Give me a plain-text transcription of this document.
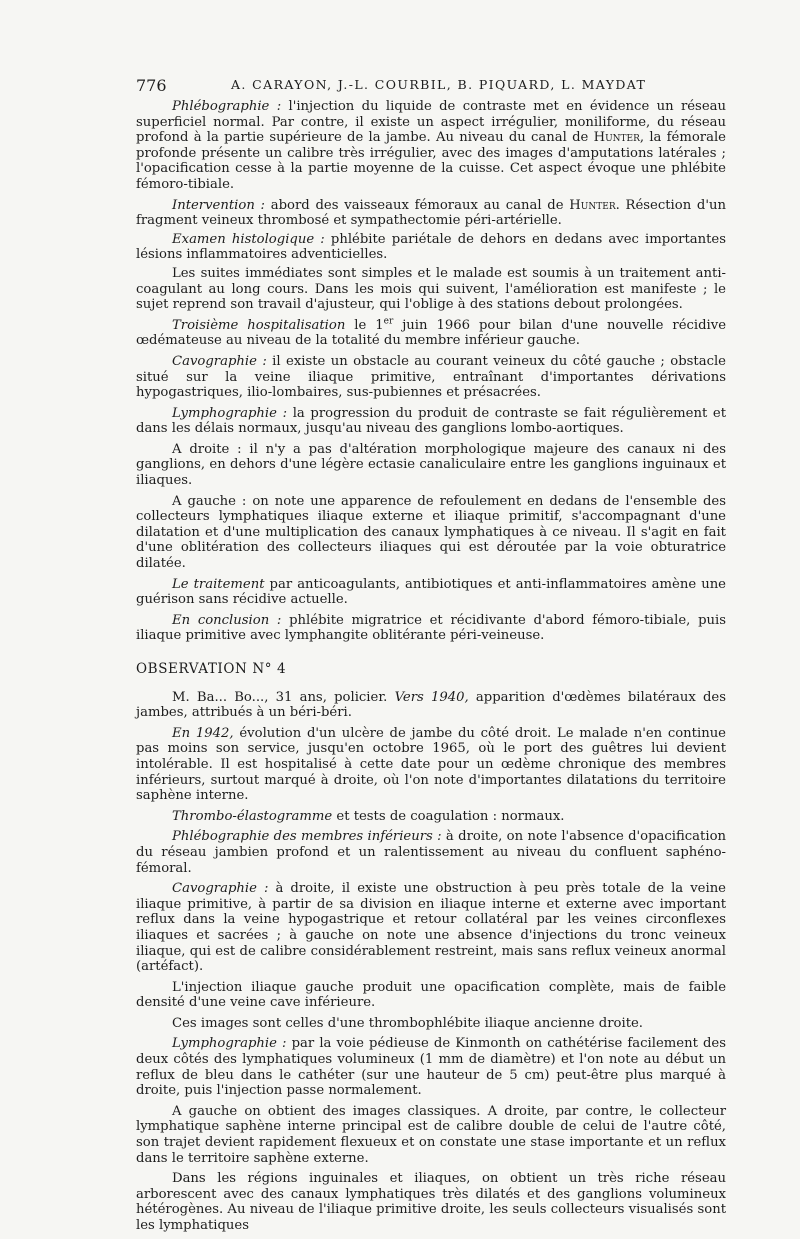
776	A. CARAYON, J.-L. COURBIL, B. PIQUARD, L. MAYDAT

Phlébographie : l'injection du liquide de contraste met en évidence un réseau superficiel normal. Par contre, il existe un aspect irrégulier, moniliforme, du réseau profond à la partie supérieure de la jambe. Au niveau du canal de Hunter, la fémorale profonde présente un calibre très irrégulier, avec des images d'amputations latérales ; l'opacification cesse à la partie moyenne de la cuisse. Cet aspect évoque une phlébite fémoro-tibiale.

Intervention : abord des vaisseaux fémoraux au canal de Hunter. Résection d'un fragment veineux thrombosé et sympathectomie péri-artérielle.

Examen histologique : phlébite pariétale de dehors en dedans avec importantes lésions inflammatoires adventicielles.

Les suites immédiates sont simples et le malade est soumis à un traitement anti-coagulant au long cours. Dans les mois qui suivent, l'amélioration est manifeste ; le sujet reprend son travail d'ajusteur, qui l'oblige à des stations debout prolongées.

Troisième hospitalisation le 1er juin 1966 pour bilan d'une nouvelle récidive œdémateuse au niveau de la totalité du membre inférieur gauche.

Cavographie : il existe un obstacle au courant veineux du côté gauche ; obstacle situé sur la veine iliaque primitive, entraînant d'importantes dérivations hypogastriques, ilio-lombaires, sus-pubiennes et présacrées.

Lymphographie : la progression du produit de contraste se fait régulièrement et dans les délais normaux, jusqu'au niveau des ganglions lombo-aortiques.

A droite : il n'y a pas d'altération morphologique majeure des canaux ni des ganglions, en dehors d'une légère ectasie canaliculaire entre les ganglions inguinaux et iliaques.

A gauche : on note une apparence de refoulement en dedans de l'ensemble des collecteurs lymphatiques iliaque externe et iliaque primitif, s'accompagnant d'une dilatation et d'une multiplication des canaux lymphatiques à ce niveau. Il s'agit en fait d'une oblitération des collecteurs iliaques qui est déroutée par la voie obturatrice dilatée.

Le traitement par anticoagulants, antibiotiques et anti-inflammatoires amène une guérison sans récidive actuelle.

En conclusion : phlébite migratrice et récidivante d'abord fémoro-tibiale, puis iliaque primitive avec lymphangite oblitérante péri-veineuse.

OBSERVATION N° 4

M. Ba... Bo..., 31 ans, policier. Vers 1940, apparition d'œdèmes bilatéraux des jambes, attribués à un béri-béri.

En 1942, évolution d'un ulcère de jambe du côté droit. Le malade n'en continue pas moins son service, jusqu'en octobre 1965, où le port des guêtres lui devient intolérable. Il est hospitalisé à cette date pour un œdème chronique des membres inférieurs, surtout marqué à droite, où l'on note d'importantes dilatations du territoire saphène interne.

Thrombo-élastogramme et tests de coagulation : normaux.

Phlébographie des membres inférieurs : à droite, on note l'absence d'opacification du réseau jambien profond et un ralentissement au niveau du confluent saphéno-fémoral.

Cavographie : à droite, il existe une obstruction à peu près totale de la veine iliaque primitive, à partir de sa division en iliaque interne et externe avec important reflux dans la veine hypogastrique et retour collatéral par les veines circonflexes iliaques et sacrées ; à gauche on note une absence d'injections du tronc veineux iliaque, qui est de calibre considérablement restreint, mais sans reflux veineux anormal (artéfact).

L'injection iliaque gauche produit une opacification complète, mais de faible densité d'une veine cave inférieure.

Ces images sont celles d'une thrombophlébite iliaque ancienne droite.

Lymphographie : par la voie pédieuse de Kinmonth on cathétérise facilement des deux côtés des lymphatiques volumineux (1 mm de diamètre) et l'on note au début un reflux de bleu dans le cathéter (sur une hauteur de 5 cm) peut-être plus marqué à droite, puis l'injection passe normalement.

A gauche on obtient des images classiques. A droite, par contre, le collecteur lymphatique saphène interne principal est de calibre double de celui de l'autre côté, son trajet devient rapidement flexueux et on constate une stase importante et un reflux dans le territoire saphène externe.

Dans les régions inguinales et iliaques, on obtient un très riche réseau arborescent avec des canaux lymphatiques très dilatés et des ganglions volumineux hétérogènes. Au niveau de l'iliaque primitive droite, les seuls collecteurs visualisés sont les lymphatiques
